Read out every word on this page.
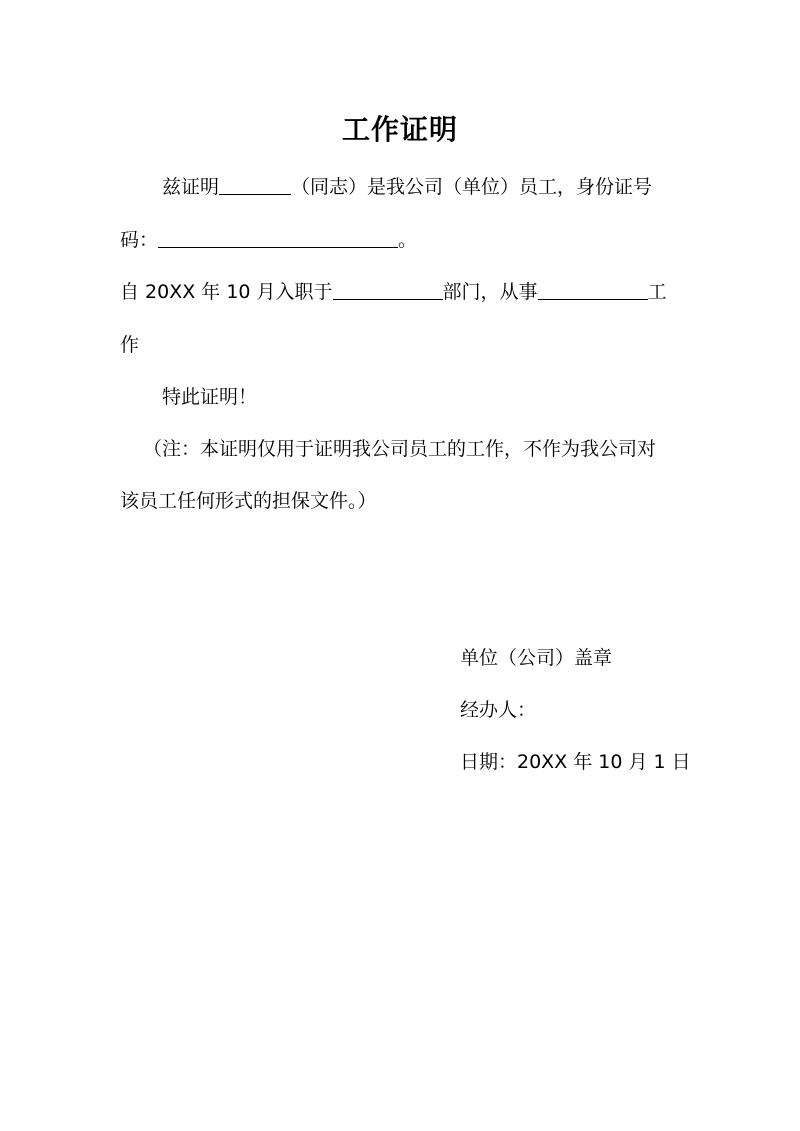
工作证明
兹证明	（同志）是我公司（单位）员工，身份证号
码：	。
自 20XX 年 10 月入职于	部门，从事	工
作
特此证明！
（注：本证明仅用于证明我公司员工的工作，不作为我公司对
该员工任何形式的担保文件。）
单位（公司）盖章
经办人：
日期：20XX 年 10 月 1 日
